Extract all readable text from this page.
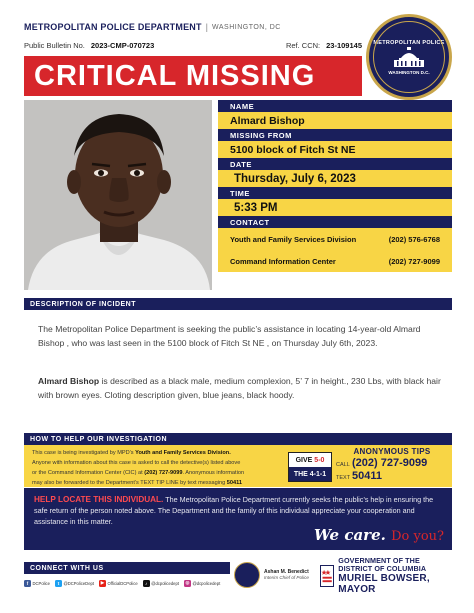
METROPOLITAN POLICE DEPARTMENT | WASHINGTON, DC
Public Bulletin No. 2023-CMP-070723	Ref. CCN: 23-109145
CRITICAL MISSING
METROPOLITAN POLICE
WASHINGTON D.C.
NAME
Almard Bishop
MISSING FROM
5100 block of Fitch St NE
DATE
Thursday, July 6, 2023
TIME
5:33 PM
CONTACT
Youth and Family Services Division	(202) 576-6768
Command Information Center	(202) 727-9099
DESCRIPTION OF INCIDENT

The Metropolitan Police Department is seeking the public’s assistance in locating 14-year-old Almard Bishop , who was last seen in the 5100 block of Fitch St NE , on Thursday July 6th, 2023.

Almard Bishop is described as a black male, medium complexion, 5’ 7 in height., 230 Lbs, with black hair with brown eyes. Cloting description given, blue jeans, black hoody.

HOW TO HELP OUR INVESTIGATION
This case is being investigated by MPD’s Youth and Family Services Division.
Anyone with information about this case is asked to call the detective(s) listed above
or the Command Information Center (CIC) at (202) 727-9099. Anonymous information
may also be forwarded to the Department’s TEXT TIP LINE by text messaging 50411
GIVE 5-0
THE 4-1-1
ANONYMOUS TIPS
CALL (202) 727-9099
TEXT 50411

HELP LOCATE THIS INDIVIDUAL. The Metropolitan Police Department currently seeks the public’s help in ensuring the safe return of the person noted above. The Department and the family of this individual appreciate your cooperation and assistance in this matter.

We care. Do you?
CONNECT WITH US
f	DCPolice	t	@DCPoliceDept	▶ OfficialDCPolice	♪ @dcpolicedept	◎ @dcpolicedept
Ashan M. Benedict
Interim Chief of Police
GOVERNMENT OF THE
DISTRICT OF COLUMBIA
MURIEL BOWSER, MAYOR
